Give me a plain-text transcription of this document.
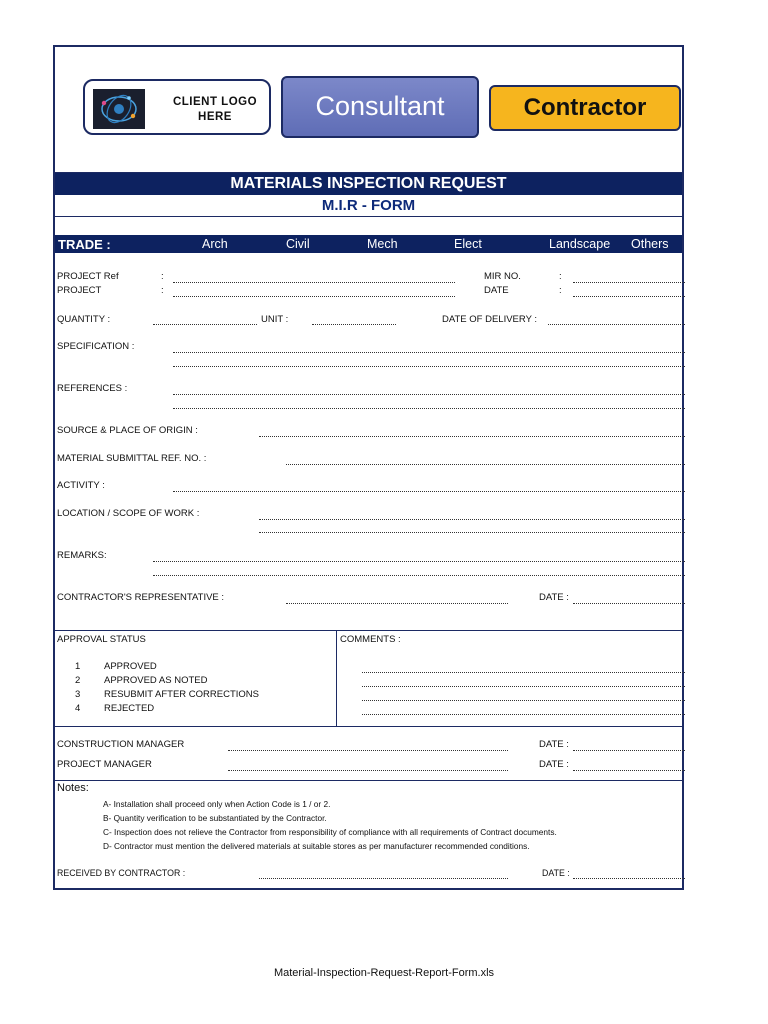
CLIENT LOGO
HERE	Consultant	Contractor
MATERIALS INSPECTION REQUEST
M.I.R - FORM
TRADE :	Arch	Civil	Mech	Elect	Landscape Others
PROJECT Ref	:	MIR NO.	:
PROJECT	:	DATE	:
QUANTITY :	UNIT :	DATE OF DELIVERY :
SPECIFICATION :
REFERENCES :
SOURCE & PLACE OF ORIGIN :
MATERIAL SUBMITTAL REF. NO. :
ACTIVITY :
LOCATION / SCOPE OF WORK :
REMARKS:
CONTRACTOR'S REPRESENTATIVE :	DATE :
APPROVAL STATUS	COMMENTS :
1 APPROVED
2 APPROVED AS NOTED
3 RESUBMIT AFTER CORRECTIONS
4 REJECTED
CONSTRUCTION MANAGER	DATE :
PROJECT MANAGER	DATE :
Notes:
A- Installation shall proceed only when Action Code is 1 / or 2.
B- Quantity verification to be substantiated by the Contractor.
C- Inspection does not relieve the Contractor from responsibility of compliance with all requirements of Contract documents.
D- Contractor must mention the delivered materials at suitable stores as per manufacturer recommended conditions.
RECEIVED BY CONTRACTOR :	DATE :
Material-Inspection-Request-Report-Form.xls
